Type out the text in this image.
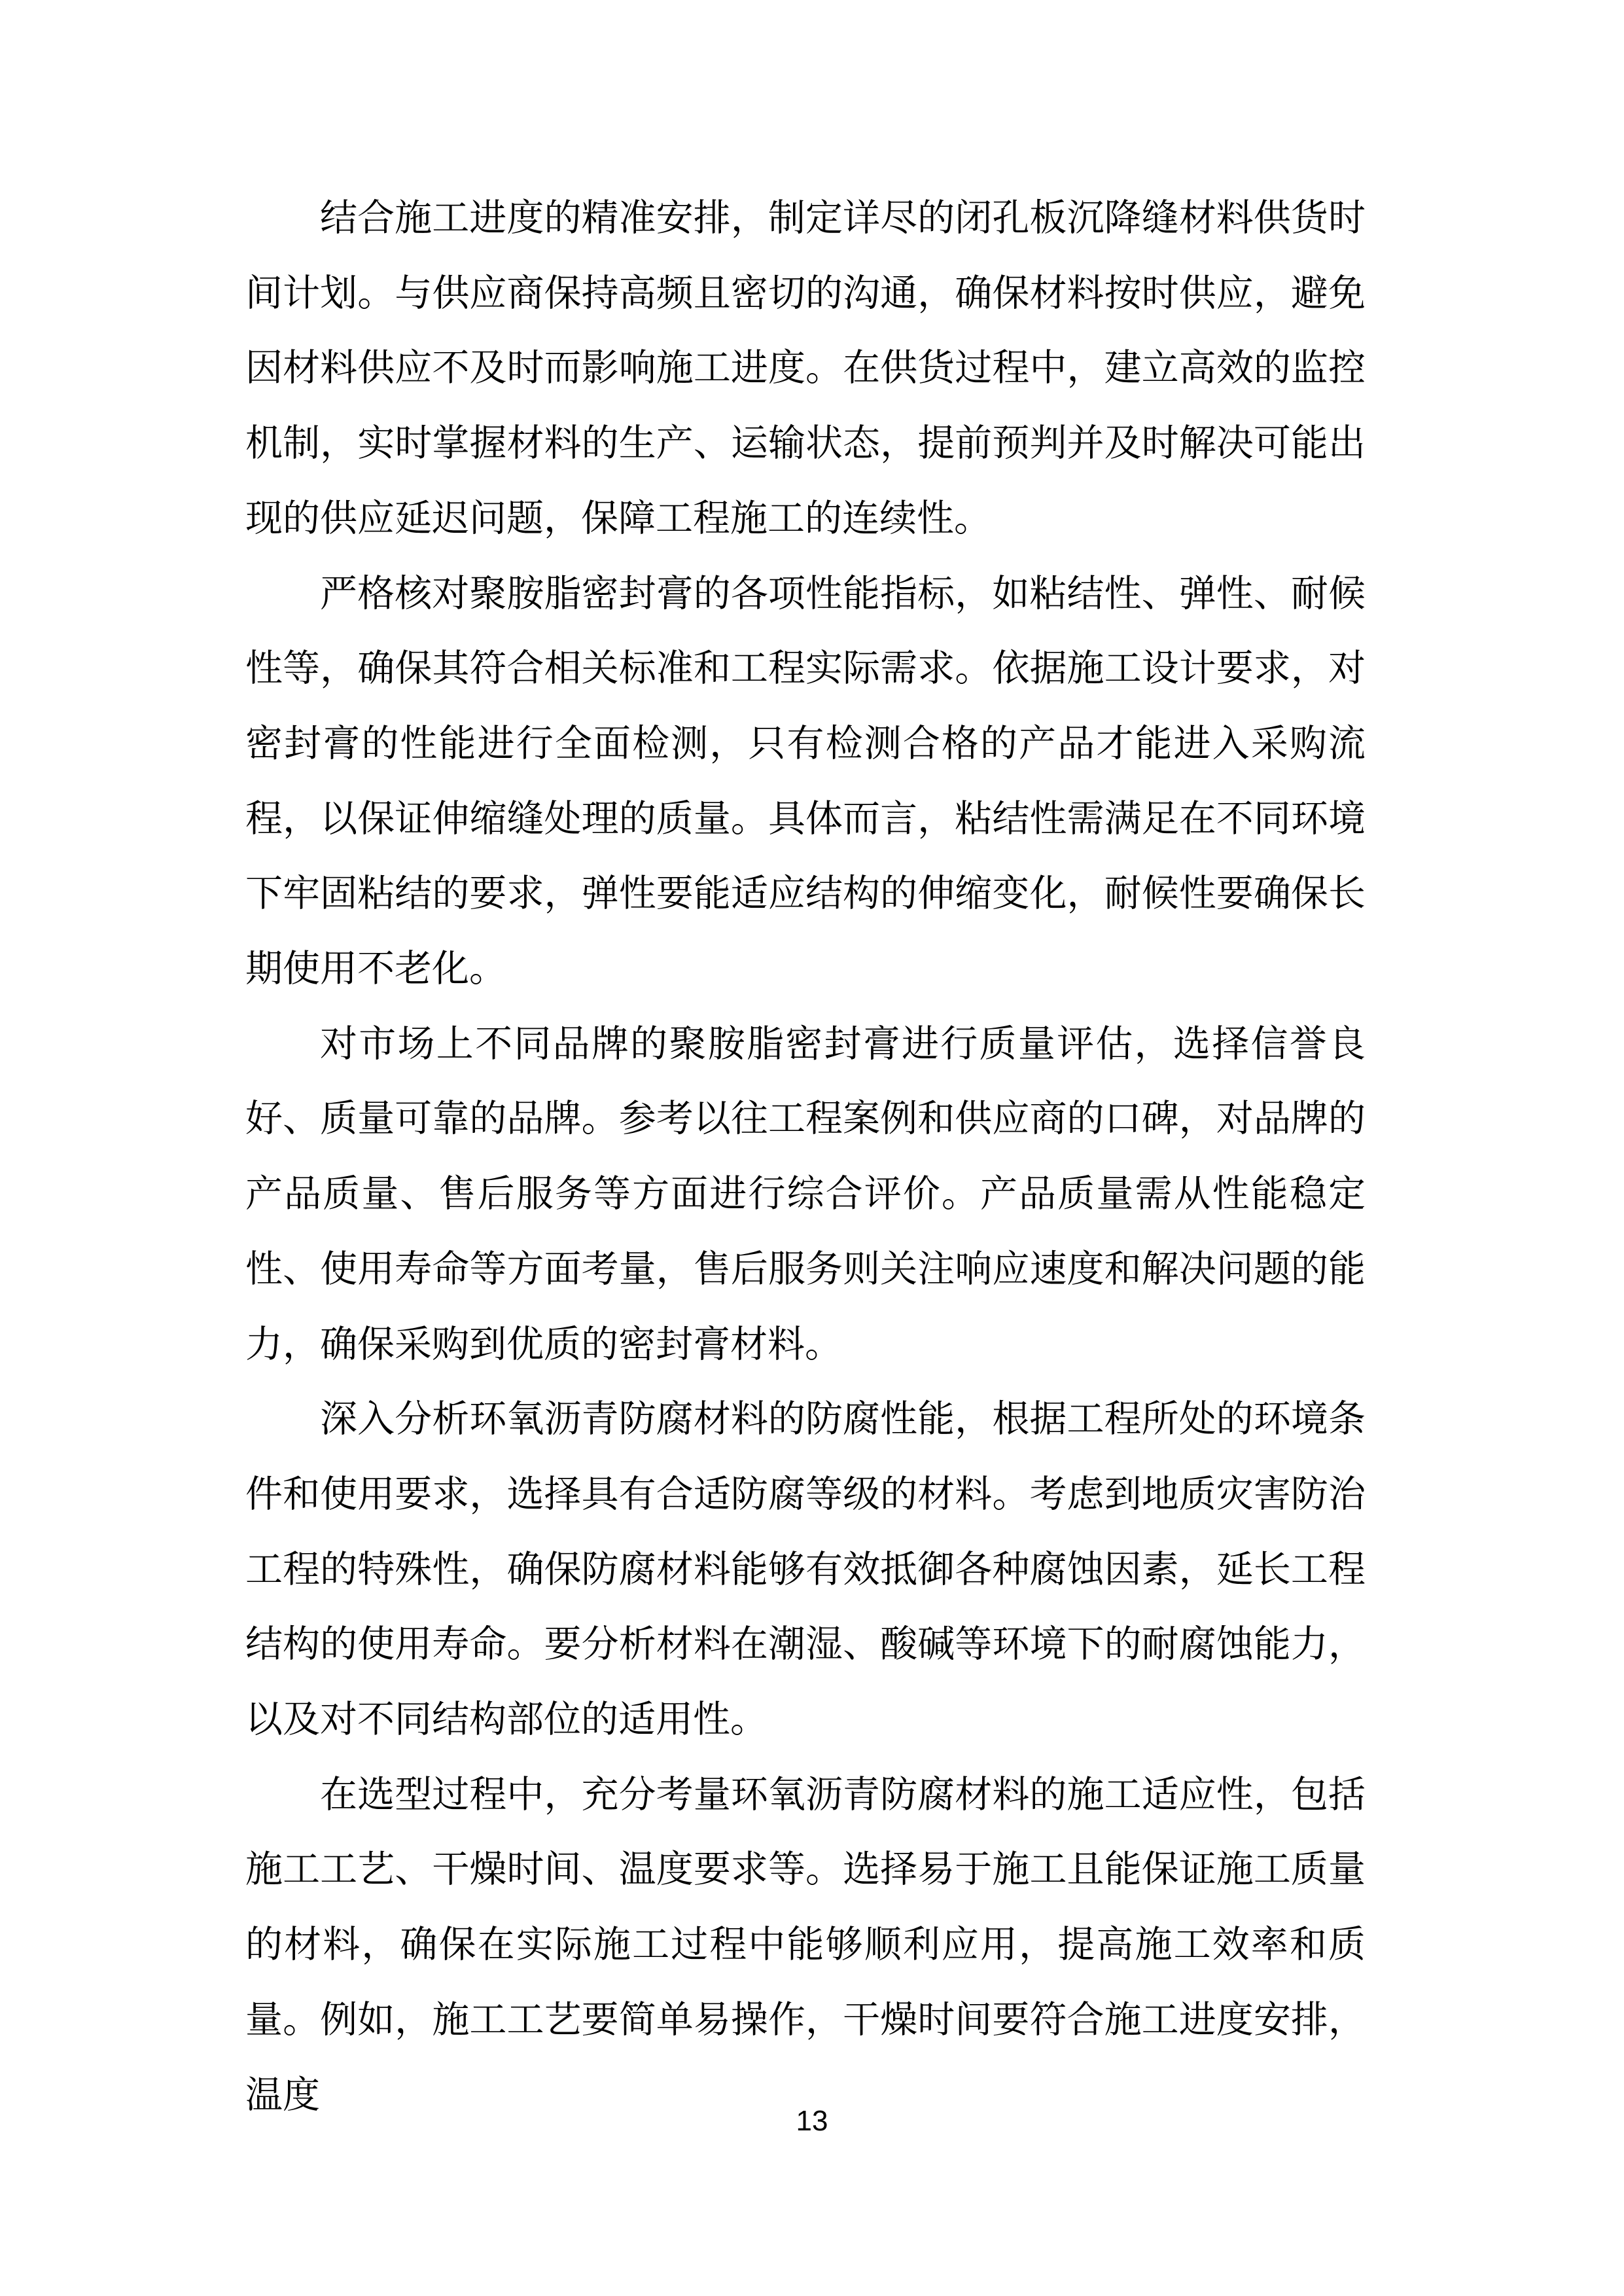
结合施工进度的精准安排，制定详尽的闭孔板沉降缝材料供货时间计划。与供应商保持高频且密切的沟通，确保材料按时供应，避免因材料供应不及时而影响施工进度。在供货过程中，建立高效的监控机制，实时掌握材料的生产、运输状态，提前预判并及时解决可能出现的供应延迟问题，保障工程施工的连续性。

严格核对聚胺脂密封膏的各项性能指标，如粘结性、弹性、耐候性等，确保其符合相关标准和工程实际需求。依据施工设计要求，对密封膏的性能进行全面检测，只有检测合格的产品才能进入采购流程，以保证伸缩缝处理的质量。具体而言，粘结性需满足在不同环境下牢固粘结的要求，弹性要能适应结构的伸缩变化，耐候性要确保长期使用不老化。

对市场上不同品牌的聚胺脂密封膏进行质量评估，选择信誉良好、质量可靠的品牌。参考以往工程案例和供应商的口碑，对品牌的产品质量、售后服务等方面进行综合评价。产品质量需从性能稳定性、使用寿命等方面考量，售后服务则关注响应速度和解决问题的能力，确保采购到优质的密封膏材料。

深入分析环氧沥青防腐材料的防腐性能，根据工程所处的环境条件和使用要求，选择具有合适防腐等级的材料。考虑到地质灾害防治工程的特殊性，确保防腐材料能够有效抵御各种腐蚀因素，延长工程结构的使用寿命。要分析材料在潮湿、酸碱等环境下的耐腐蚀能力，以及对不同结构部位的适用性。

在选型过程中，充分考量环氧沥青防腐材料的施工适应性，包括施工工艺、干燥时间、温度要求等。选择易于施工且能保证施工质量的材料，确保在实际施工过程中能够顺利应用，提高施工效率和质量。例如，施工工艺要简单易操作，干燥时间要符合施工进度安排，温度

13
